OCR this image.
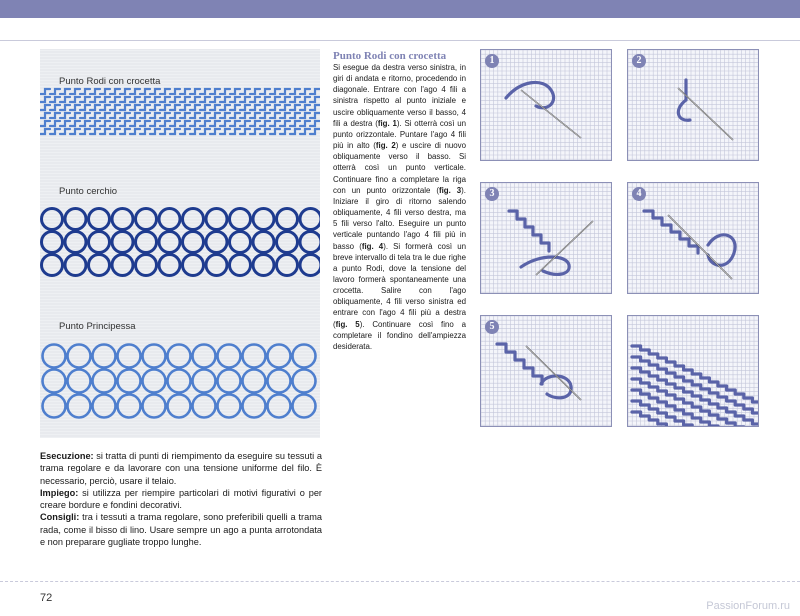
Punto Rodi con crocetta
Punto cerchio
Punto Principessa

Esecuzione: si tratta di punti di riempimento da eseguire su tessuti a trama regolare e da lavorare con una tensione uniforme del filo. È necessario, perciò, usare il telaio.

Impiego: si utilizza per riempire particolari di motivi figurativi o per creare bordure e fondini decorativi.

Consigli: tra i tessuti a trama regolare, sono preferibili quelli a trama rada, come il bisso di lino. Usare sempre un ago a punta arrotondata e non preparare gugliate troppo lunghe.

Punto Rodi con crocetta
Si esegue da destra verso sinistra, in giri di andata e ritorno, procedendo in diagonale. Entrare con l'ago 4 fili a sinistra rispetto al punto iniziale e uscire obliquamente verso il basso, 4 fili a destra (fig. 1). Si otterrà così un punto orizzontale. Puntare l'ago 4 fili più in alto (fig. 2) e uscire di nuovo obliquamente verso il basso. Si otterrà così un punto verticale. Continuare fino a completare la riga con un punto orizzontale (fig. 3). Iniziare il giro di ritorno salendo obliquamente, 4 fili verso destra, ma 5 fili verso l'alto. Eseguire un punto verticale puntando l'ago 4 fili più in basso (fig. 4). Si formerà così un breve intervallo di tela tra le due righe a punto Rodi, dove la tensione del lavoro formerà spontaneamente una crocetta. Salire con l'ago obliquamente, 4 fili verso sinistra ed entrare con l'ago 4 fili più a destra (fig. 5). Continuare così fino a completare il fondino dell'ampiezza desiderata.
1	2
3	4
5
72
PassionForum.ru
